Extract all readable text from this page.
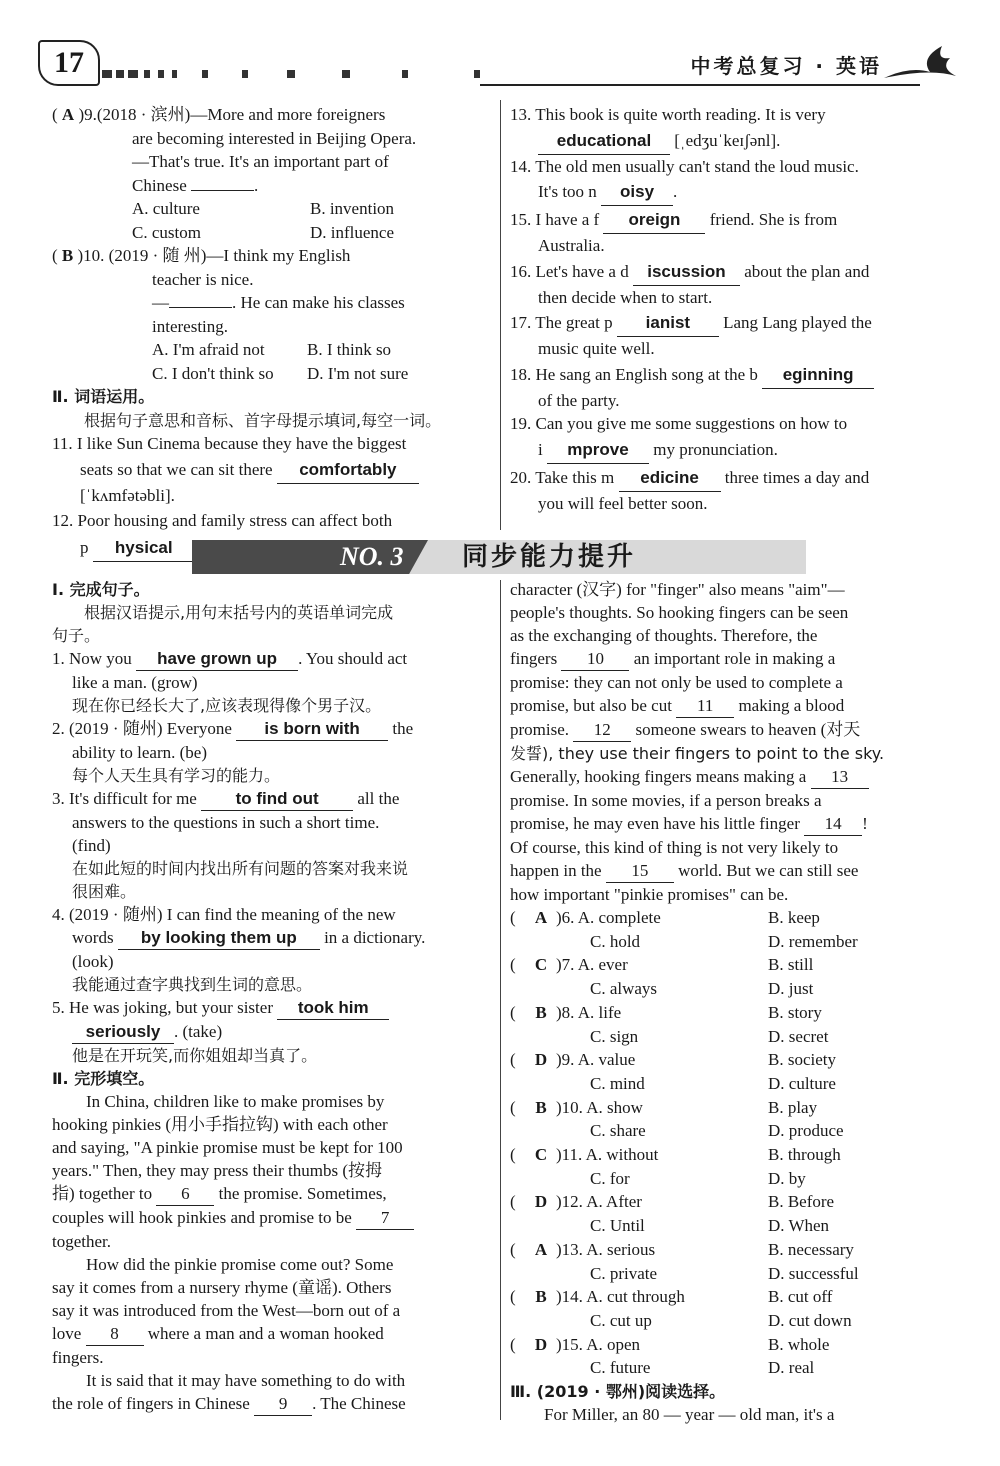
17	中考总复习 · 英语
( A )9.(2018 · 滨州)—More and more foreigners
are becoming interested in Beijing Opera.
—That's true. It's an important part of
Chinese	.
A. culture	B. invention
C. custom	D. influence
( B )10. (2019 · 随 州)—I think my English
teacher is nice.
—	. He can make his classes
interesting.
A. I'm afraid not	B. I think so
C. I don't think so	D. I'm not sure
Ⅱ. 词语运用。
根据句子意思和音标、首字母提示填词,每空一词。
11. I like Sun Cinema because they have the biggest
seats so that we can sit there comfortably
[ˈkʌmfətəbli].
12. Poor housing and family stress can affect both
p hysical
13. This book is quite worth reading. It is very
educational [ˌedʒuˈkeɪʃənl].
14. The old men usually can't stand the loud music.
It's too n oisy .
15. I have a f oreign friend. She is from
Australia.
16. Let's have a d iscussion about the plan and
then decide when to start.
17. The great p ianist Lang Lang played the
music quite well.
18. He sang an English song at the b eginning
of the party.
19. Can you give me some suggestions on how to
i mprove my pronunciation.
20. Take this m edicine three times a day and
you will feel better soon.
NO. 3 同步能力提升
Ⅰ. 完成句子。
根据汉语提示,用句末括号内的英语单词完成
句子。
1. Now you have grown up . You should act
like a man. (grow)
现在你已经长大了,应该表现得像个男子汉。
2. (2019 · 随州) Everyone is born with the
ability to learn. (be)
每个人天生具有学习的能力。
3. It's difficult for me to find out all the
answers to the questions in such a short time.
(find)
在如此短的时间内找出所有问题的答案对我来说
很困难。
4. (2019 · 随州) I can find the meaning of the new
words by looking them up in a dictionary.
(look)
我能通过查字典找到生词的意思。
5. He was joking, but your sister took him
seriously . (take)
他是在开玩笑,而你姐姐却当真了。
Ⅱ. 完形填空。
In China, children like to make promises by
hooking pinkies (用小手指拉钩) with each other
and saying, "A pinkie promise must be kept for 100
years." Then, they may press their thumbs (按拇
指) together to 6 the promise. Sometimes,
couples will hook pinkies and promise to be 7
together.
How did the pinkie promise come out? Some
say it comes from a nursery rhyme (童谣). Others
say it was introduced from the West—born out of a
love 8 where a man and a woman hooked
fingers.
It is said that it may have something to do with
the role of fingers in Chinese 9 . The Chinese
character (汉字) for "finger" also means "aim"—
people's thoughts. So hooking fingers can be seen
as the exchanging of thoughts. Therefore, the
fingers 10 an important role in making a
promise: they can not only be used to complete a
promise, but also be cut 11 making a blood
promise. 12 someone swears to heaven (对天
发誓), they use their fingers to point to the sky.
Generally, hooking fingers means making a 13
promise. In some movies, if a person breaks a
promise, he may even have his little finger 14 !
Of course, this kind of thing is not very likely to
happen in the 15 world. But we can still see
how important "pinkie promises" can be.
(	A )6. A. complete	B. keep
C. hold	D. remember
(	C )7. A. ever	B. still
C. always	D. just
(	B )8. A. life	B. story
C. sign	D. secret
(	D )9. A. value	B. society
C. mind	D. culture
(	B )10. A. show	B. play
C. share	D. produce
(	C )11. A. without	B. through
C. for	D. by
(	D )12. A. After	B. Before
C. Until	D. When
(	A )13. A. serious	B. necessary
C. private	D. successful
(	B )14. A. cut through	B. cut off
C. cut up	D. cut down
(	D )15. A. open	B. whole
C. future	D. real
Ⅲ. (2019 · 鄂州)阅读选择。
For Miller, an 80 — year — old man, it's a
